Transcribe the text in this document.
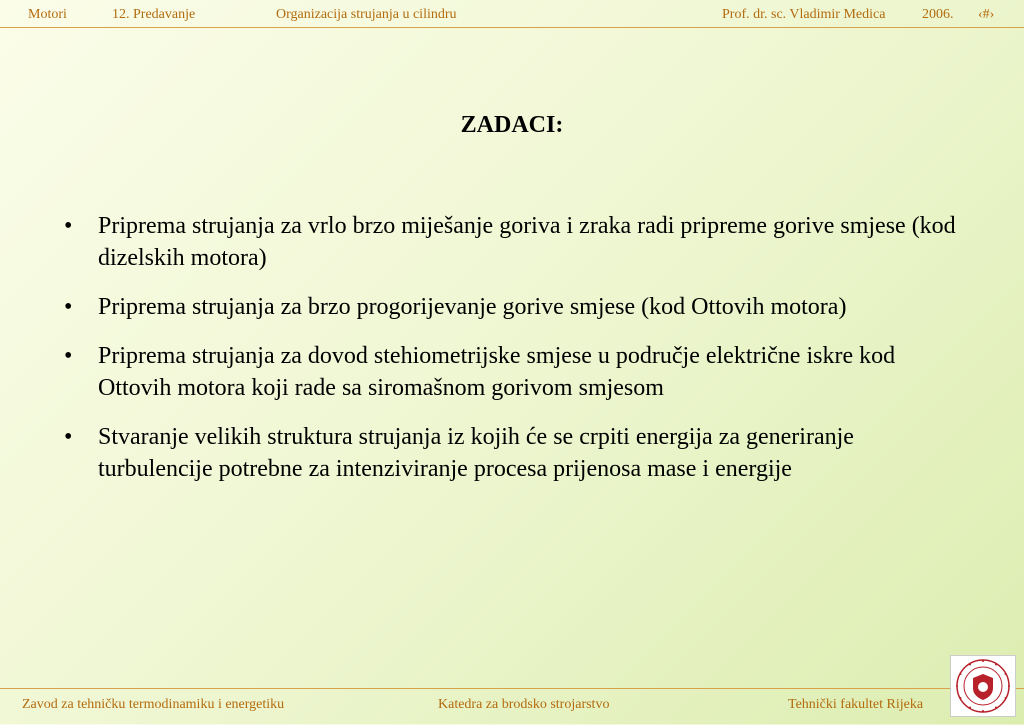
Motori	12. Predavanje	Organizacija strujanja u cilindru	Prof. dr. sc. Vladimir Medica	2006. ‹#›
ZADACI:
• Priprema strujanja za vrlo brzo miješanje goriva i zraka radi pripreme gorive smjese (kod dizelskih motora)
• Priprema strujanja za brzo progorijevanje gorive smjese (kod Ottovih motora)
• Priprema strujanja za dovod stehiometrijske smjese u područje električne iskre kod Ottovih motora koji rade sa siromašnom gorivom smjesom
• Stvaranje velikih struktura strujanja iz kojih će se crpiti energija za generiranje turbulencije potrebne za intenziviranje procesa prijenosa mase i energije
Zavod za tehničku termodinamiku i energetiku	Katedra za brodsko strojarstvo	Tehnički fakultet Rijeka
